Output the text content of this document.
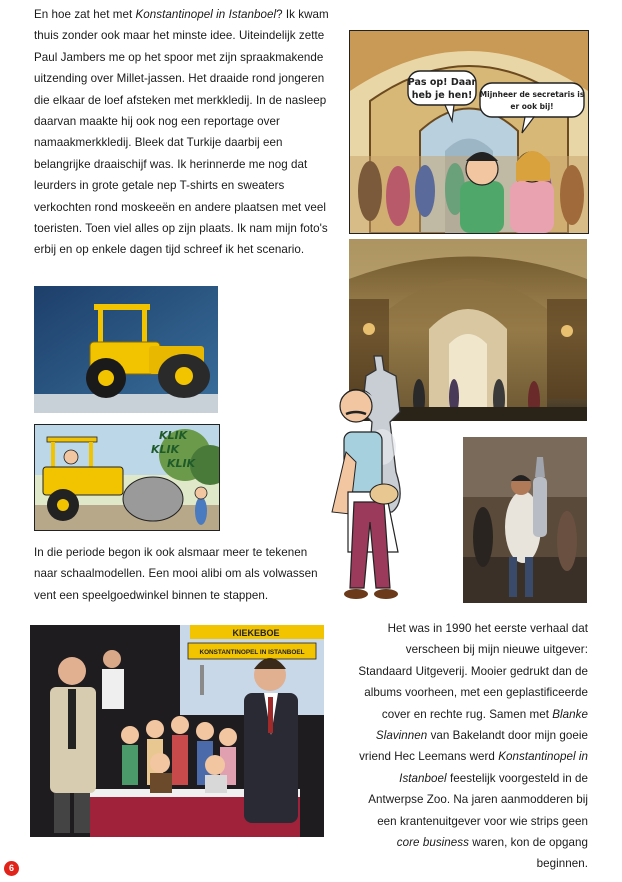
En hoe zat het met Konstantinopel in Istanboel? Ik kwam thuis zonder ook maar het minste idee. Uiteindelijk zette Paul Jambers me op het spoor met zijn spraakmakende uitzending over Millet-jassen. Het draaide rond jongeren die elkaar de loef afsteken met merkkledij. In de nasleep daarvan maakte hij ook nog een reportage over namaakmerkkledij. Bleek dat Turkije daarbij een belangrijke draaischijf was. Ik herinnerde me nog dat leurders in grote getale nep T-shirts en sweaters verkochten rond moskeeën en andere plaatsen met veel toeristen. Toen viel alles op zijn plaats. Ik nam mijn foto's erbij en op enkele dagen tijd schreef ik het scenario.
Pas op! Daar
heb je hen! Mijnheer de secretaris is
er ook bij!
KLIK
KLIK
KLIK
In die periode begon ik ook alsmaar meer te tekenen naar schaalmodellen. Een mooi alibi om als volwassen vent een speelgoedwinkel binnen te stappen.
KIEKEBOE
KONSTANTINOPEL IN ISTANBOEL
Het was in 1990 het eerste verhaal dat verscheen bij mijn nieuwe uitgever: Standaard Uitgeverij. Mooier gedrukt dan de albums voorheen, met een geplastificeerde cover en rechte rug. Samen met Blanke Slavinnen van Bakelandt door mijn goeie vriend Hec Leemans werd Konstantinopel in Istanboel feestelijk voorgesteld in de Antwerpse Zoo. Na jaren aanmodderen bij een krantenuitgever voor wie strips geen core business waren, kon de opgang beginnen.
6
